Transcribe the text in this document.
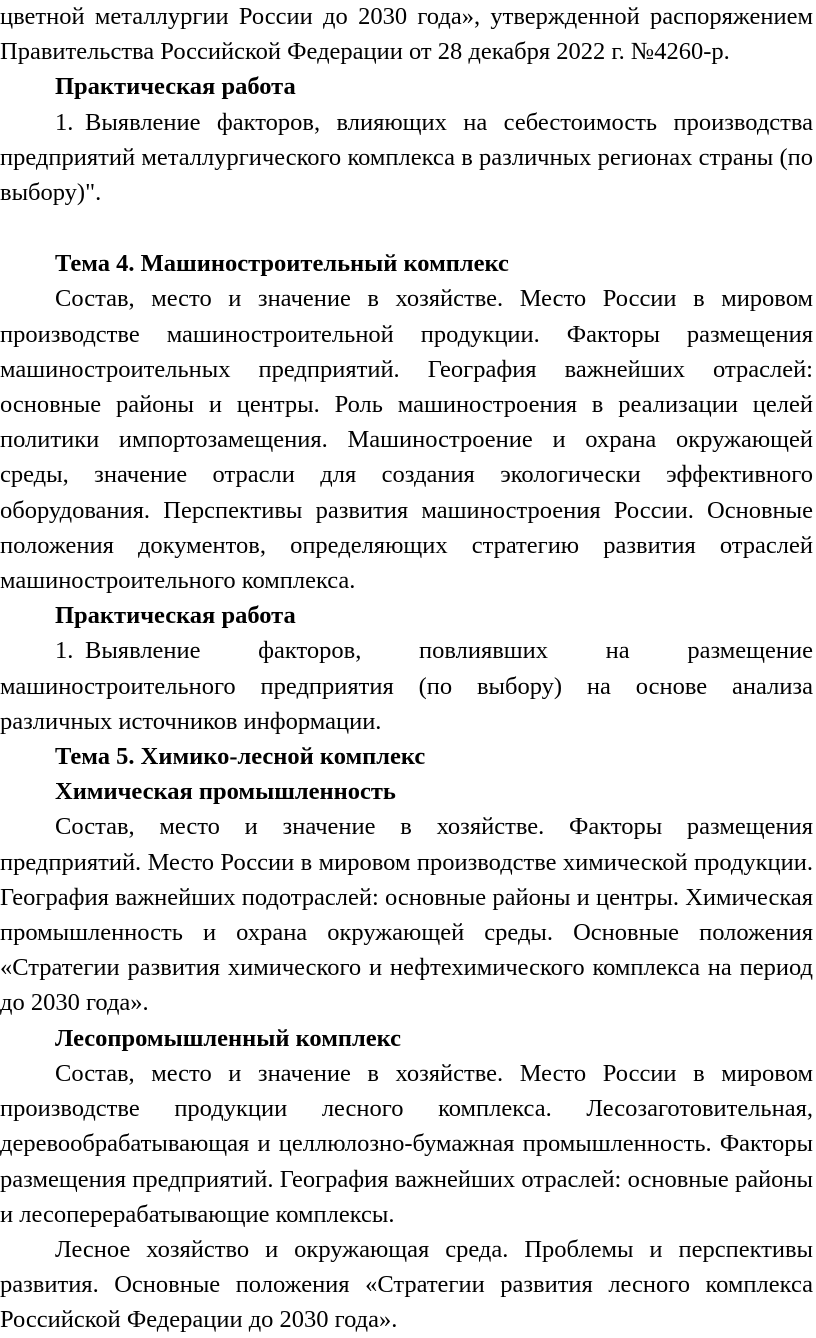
цветной металлургии России до 2030 года», утвержденной распоряжением Правительства Российской Федерации от 28 декабря 2022 г. №4260-р.

Практическая работа

1. Выявление факторов, влияющих на себестоимость производства предприятий металлургического комплекса в различных регионах страны (по выбору)".

Тема 4. Машиностроительный комплекс

Состав, место и значение в хозяйстве. Место России в мировом производстве машиностроительной продукции. Факторы размещения машиностроительных предприятий. География важнейших отраслей: основные районы и центры. Роль машиностроения в реализации целей политики импортозамещения. Машиностроение и охрана окружающей среды, значение отрасли для создания экологически эффективного оборудования. Перспективы развития машиностроения России. Основные положения документов, определяющих стратегию развития отраслей машиностроительного комплекса.

Практическая работа

1. Выявление факторов, повлиявших на размещение машиностроительного предприятия (по выбору) на основе анализа различных источников информации.

Тема 5. Химико-лесной комплекс
Химическая промышленность

Состав, место и значение в хозяйстве. Факторы размещения предприятий. Место России в мировом производстве химической продукции. География важнейших подотраслей: основные районы и центры. Химическая промышленность и охрана окружающей среды. Основные положения «Стратегии развития химического и нефтехимического комплекса на период до 2030 года».

Лесопромышленный комплекс

Состав, место и значение в хозяйстве. Место России в мировом производстве продукции лесного комплекса. Лесозаготовительная, деревообрабатывающая и целлюлозно-бумажная промышленность. Факторы размещения предприятий. География важнейших отраслей: основные районы и лесоперерабатывающие комплексы.

Лесное хозяйство и окружающая среда. Проблемы и перспективы развития. Основные положения «Стратегии развития лесного комплекса Российской Федерации до 2030 года».
